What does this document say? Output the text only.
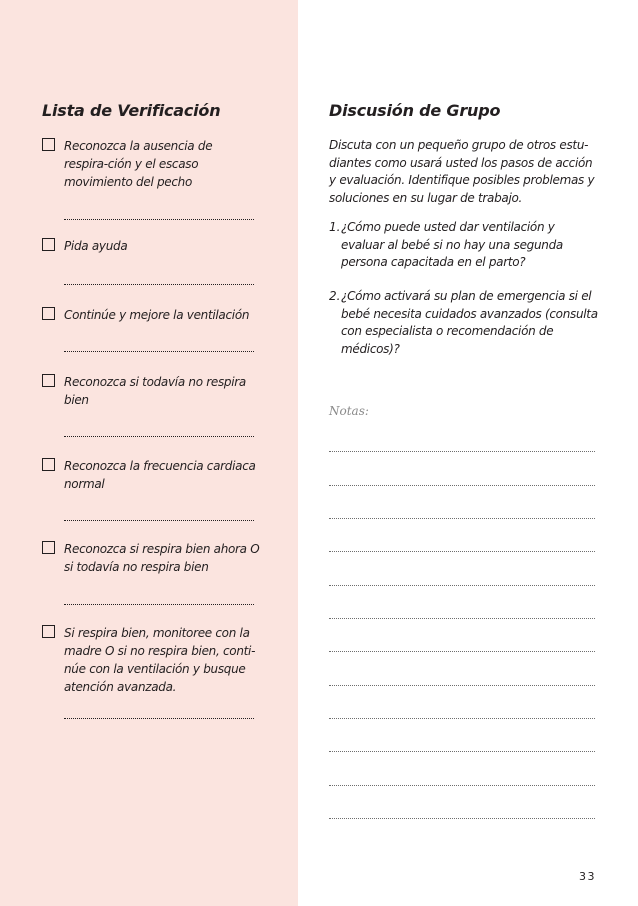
Lista de Verificación
Reconozca la ausencia de respira-ción y el escaso movimiento del pecho
Pida ayuda
Continúe y mejore la ventilación
Reconozca si todavía no respira bien
Reconozca la frecuencia cardiaca normal
Reconozca si respira bien ahora O si todavía no respira bien
Si respira bien, monitoree con la madre O si no respira bien, conti-núe con la ventilación y busque atención avanzada.
Discusión de Grupo
Discuta con un pequeño grupo de otros estu-diantes como usará usted los pasos de acción y evaluación. Identifique posibles problemas y soluciones en su lugar de trabajo.
1. ¿Cómo puede usted dar ventilación y evaluar al bebé si no hay una segunda persona capacitada en el parto?
2. ¿Cómo activará su plan de emergencia si el bebé necesita cuidados avanzados (consulta con especialista o recomendación de médicos)?
Notas:
33
